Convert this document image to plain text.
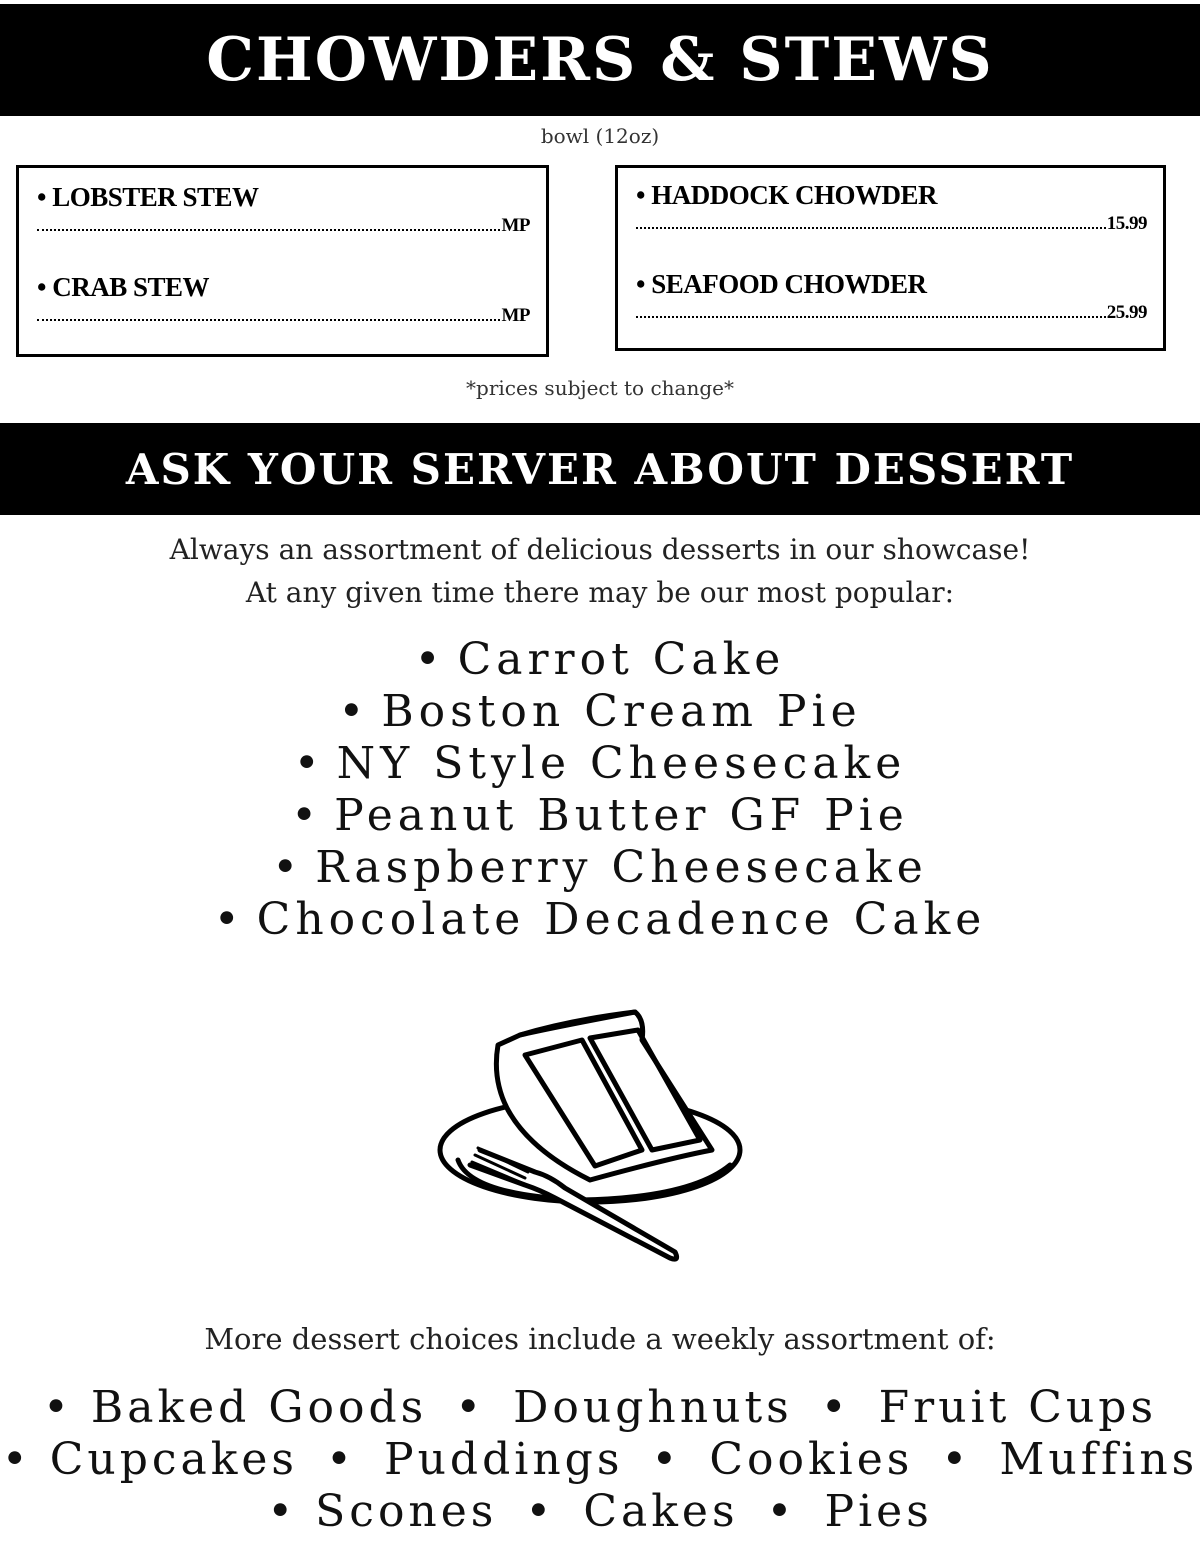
CHOWDERS & STEWS
bowl (12oz)
• LOBSTER STEW
MP
• CRAB STEW
MP
• HADDOCK CHOWDER
15.99
• SEAFOOD CHOWDER
25.99
*prices subject to change*
ASK YOUR SERVER ABOUT DESSERT
Always an assortment of delicious desserts in our showcase!
At any given time there may be our most popular:
• Carrot Cake
• Boston Cream Pie
• NY Style Cheesecake
• Peanut Butter GF Pie
• Raspberry Cheesecake
• Chocolate Decadence Cake
More dessert choices include a weekly assortment of:
• Baked Goods • Doughnuts • Fruit Cups
• Cupcakes • Puddings • Cookies • Muffins
• Scones • Cakes • Pies
